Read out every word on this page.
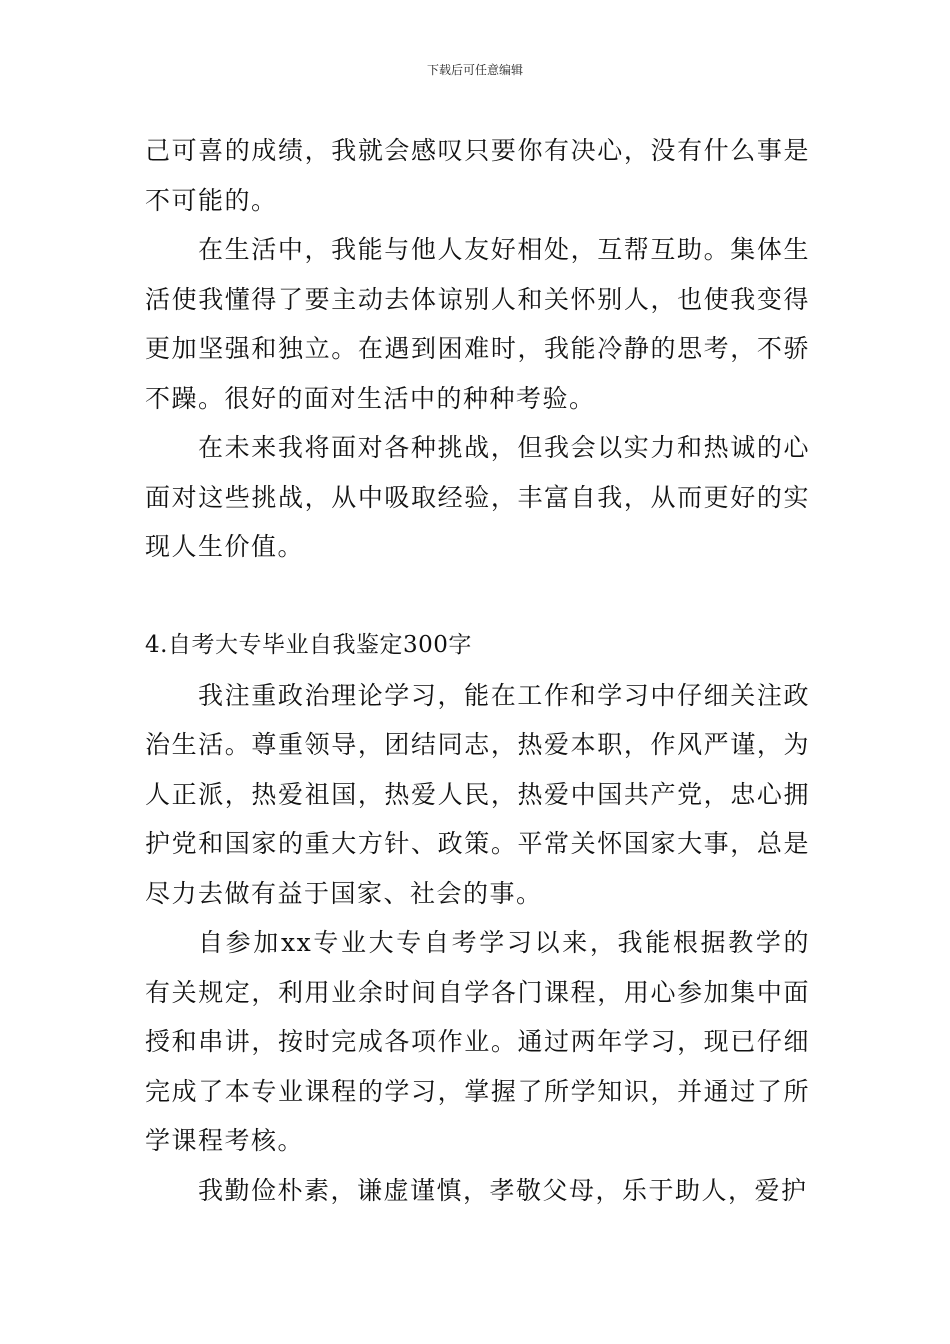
下载后可任意编辑

己可喜的成绩，我就会感叹只要你有决心，没有什么事是不可能的。

在生活中，我能与他人友好相处，互帮互助。集体生活使我懂得了要主动去体谅别人和关怀别人，也使我变得更加坚强和独立。在遇到困难时，我能冷静的思考，不骄不躁。很好的面对生活中的种种考验。

在未来我将面对各种挑战，但我会以实力和热诚的心面对这些挑战，从中吸取经验，丰富自我，从而更好的实现人生价值。

4.自考大专毕业自我鉴定300字

我注重政治理论学习，能在工作和学习中仔细关注政治生活。尊重领导，团结同志，热爱本职，作风严谨，为人正派，热爱祖国，热爱人民，热爱中国共产党，忠心拥护党和国家的重大方针、政策。平常关怀国家大事，总是尽力去做有益于国家、社会的事。

自参加xx专业大专自考学习以来，我能根据教学的有关规定，利用业余时间自学各门课程，用心参加集中面授和串讲，按时完成各项作业。通过两年学习，现已仔细完成了本专业课程的学习，掌握了所学知识，并通过了所学课程考核。

我勤俭朴素，谦虚谨慎，孝敬父母，乐于助人，爱护
